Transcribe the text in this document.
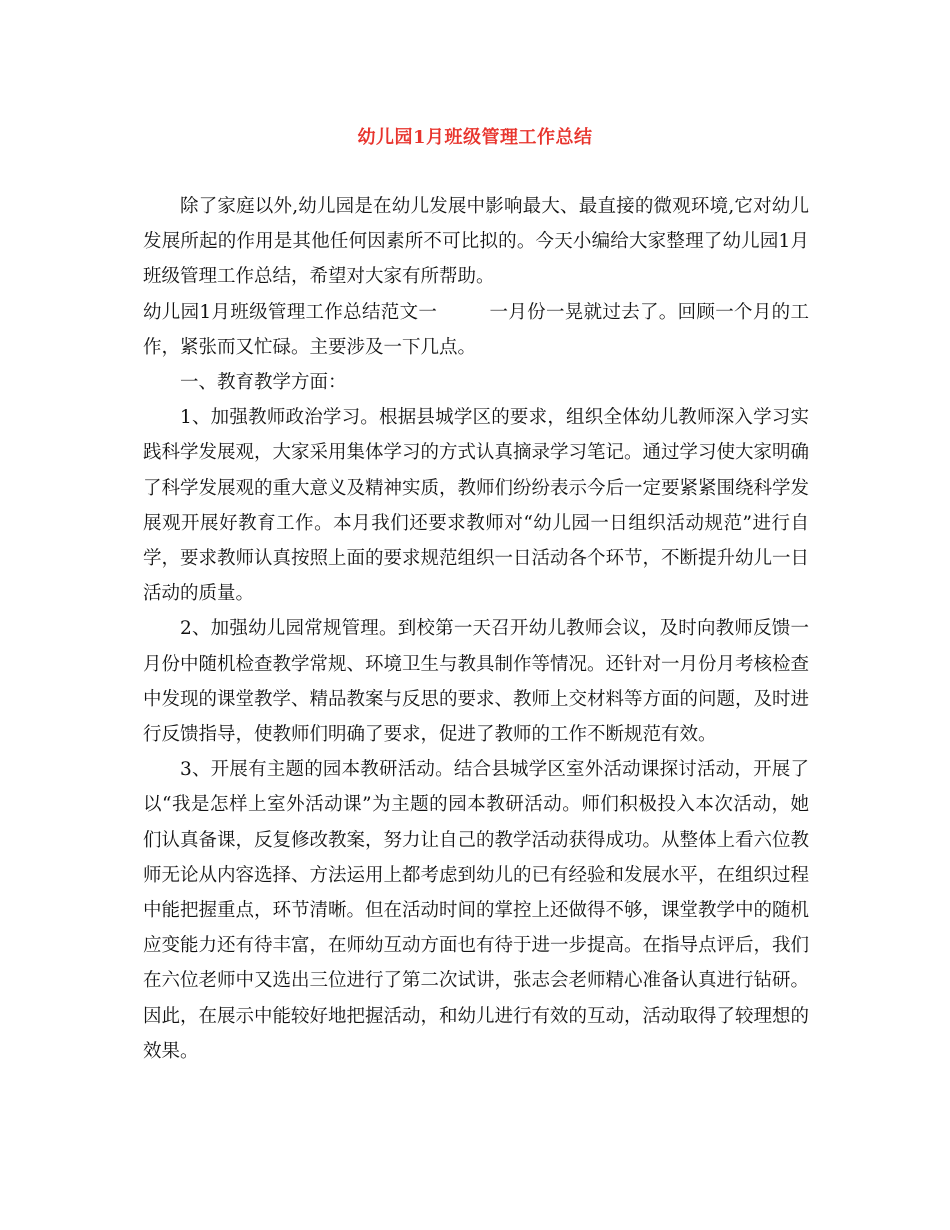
幼儿园1月班级管理工作总结

除了家庭以外,幼儿园是在幼儿发展中影响最大、最直接的微观环境,它对幼儿发展所起的作用是其他任何因素所不可比拟的。今天小编给大家整理了幼儿园1月班级管理工作总结，希望对大家有所帮助。

幼儿园1月班级管理工作总结范文一	一月份一晃就过去了。回顾一个月的工作，紧张而又忙碌。主要涉及一下几点。

一、教育教学方面：

1、加强教师政治学习。根据县城学区的要求，组织全体幼儿教师深入学习实践科学发展观，大家采用集体学习的方式认真摘录学习笔记。通过学习使大家明确了科学发展观的重大意义及精神实质，教师们纷纷表示今后一定要紧紧围绕科学发展观开展好教育工作。本月我们还要求教师对“幼儿园一日组织活动规范”进行自学，要求教师认真按照上面的要求规范组织一日活动各个环节，不断提升幼儿一日活动的质量。

2、加强幼儿园常规管理。到校第一天召开幼儿教师会议，及时向教师反馈一月份中随机检查教学常规、环境卫生与教具制作等情况。还针对一月份月考核检查中发现的课堂教学、精品教案与反思的要求、教师上交材料等方面的问题，及时进行反馈指导，使教师们明确了要求，促进了教师的工作不断规范有效。

3、开展有主题的园本教研活动。结合县城学区室外活动课探讨活动，开展了以“我是怎样上室外活动课”为主题的园本教研活动。师们积极投入本次活动，她们认真备课，反复修改教案，努力让自己的教学活动获得成功。从整体上看六位教师无论从内容选择、方法运用上都考虑到幼儿的已有经验和发展水平，在组织过程中能把握重点，环节清晰。但在活动时间的掌控上还做得不够，课堂教学中的随机应变能力还有待丰富，在师幼互动方面也有待于进一步提高。在指导点评后，我们在六位老师中又选出三位进行了第二次试讲，张志会老师精心准备认真进行钻研。因此，在展示中能较好地把握活动，和幼儿进行有效的互动，活动取得了较理想的效果。
